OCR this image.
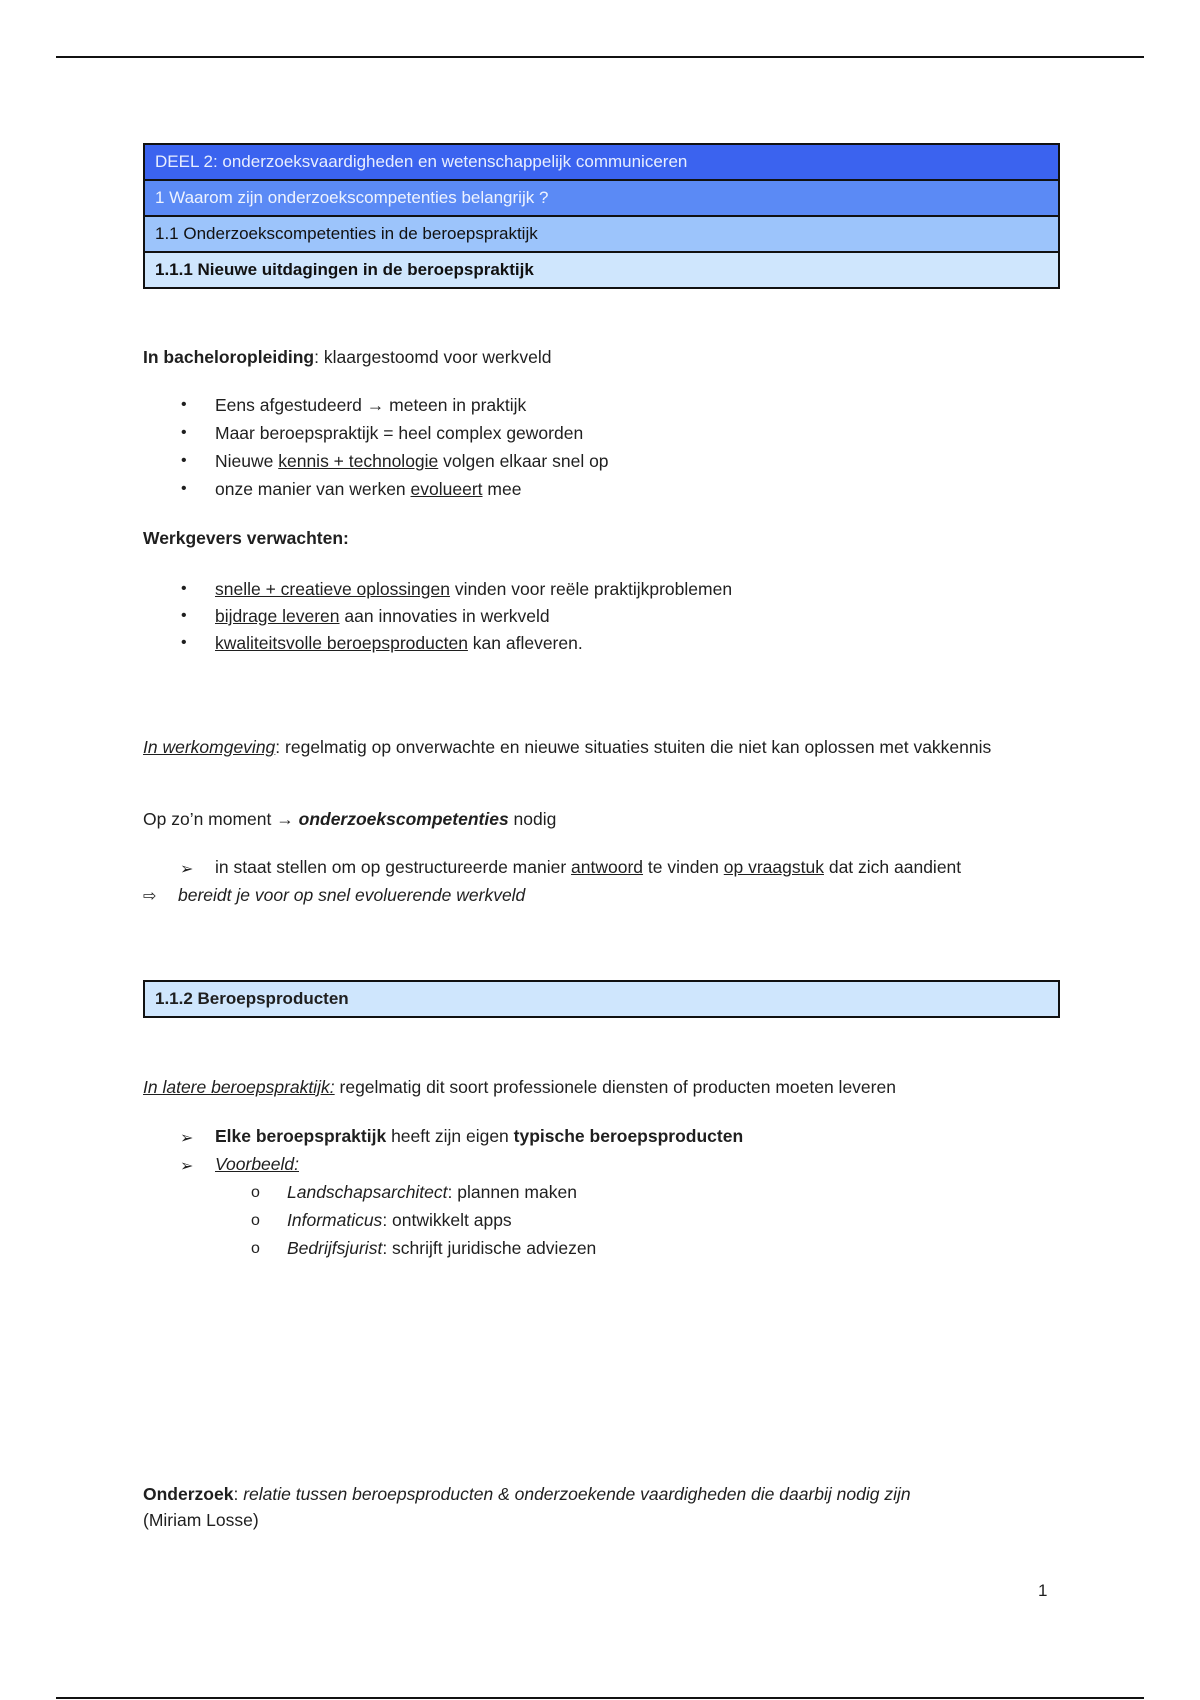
DEEL 2: onderzoeksvaardigheden en wetenschappelijk communiceren
1 Waarom zijn onderzoekscompetenties belangrijk ?
1.1 Onderzoekscompetenties in de beroepspraktijk
1.1.1 Nieuwe uitdagingen in de beroepspraktijk
In bacheloropleiding: klaargestoomd voor werkveld
• Eens afgestudeerd → meteen in praktijk
• Maar beroepspraktijk = heel complex geworden
• Nieuwe kennis + technologie volgen elkaar snel op
• onze manier van werken evolueert mee
Werkgevers verwachten:
• snelle + creatieve oplossingen vinden voor reële praktijkproblemen
• bijdrage leveren aan innovaties in werkveld
• kwaliteitsvolle beroepsproducten kan afleveren.
In werkomgeving: regelmatig op onverwachte en nieuwe situaties stuiten die niet kan oplossen met vakkennis
Op zo’n moment → onderzoekscompetenties nodig
➢ in staat stellen om op gestructureerde manier antwoord te vinden op vraagstuk dat zich aandient
⇨ bereidt je voor op snel evoluerende werkveld
1.1.2 Beroepsproducten
In latere beroepspraktijk: regelmatig dit soort professionele diensten of producten moeten leveren
➢ Elke beroepspraktijk heeft zijn eigen typische beroepsproducten
➢ Voorbeeld:
o Landschapsarchitect: plannen maken
o Informaticus: ontwikkelt apps
o Bedrijfsjurist: schrijft juridische adviezen
Onderzoek: relatie tussen beroepsproducten & onderzoekende vaardigheden die daarbij nodig zijn
(Miriam Losse)
1
